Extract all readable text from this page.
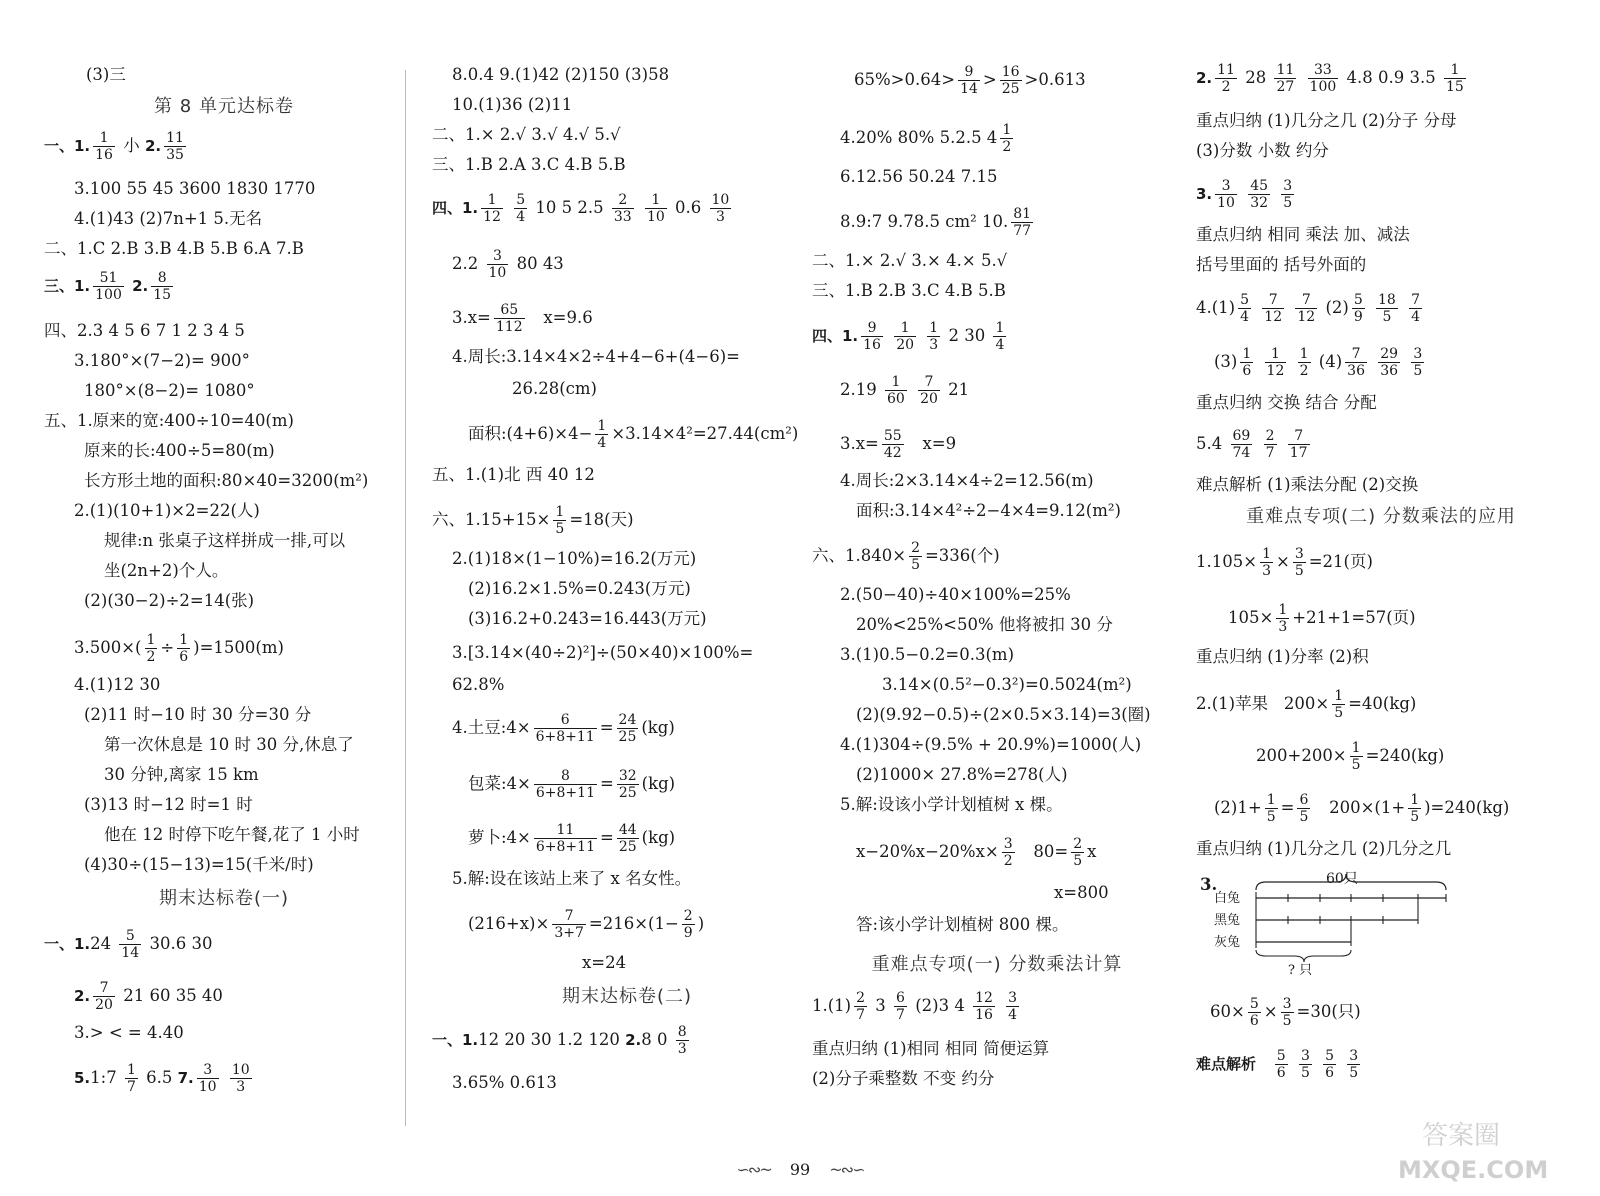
(3)三
第 8 单元达标卷
一、1. $\frac{1}{16}$ 小 2. $\frac{11}{35}$
3.100 55 45 3600 1830 1770
4.(1)43 (2)7n+1 5.无名
二、1.C 2.B 3.B 4.B 5.B 6.A 7.B
三、1. $\frac{51}{100} 2$. $\frac{8}{15}$
四、2.3 4 5 6 7 1 2 3 4 5
3.180°×(7−2)= 900°
180°×(8−2)= 1080°
五、1.原来的宽:400÷10=40(m)
原来的长:400÷5=80(m)
长方形土地的面积:80×40=3200(m²)
2.(1)(10+1)×2=22(人)
规律:n 张桌子这样拼成一排,可以
坐(2n+2)个人。
(2)(30−2)÷2=14(张)
$3.500\times( \frac{1}{2} \div \frac{1}{6} )=1500(m)$
4.(1)12 30
(2)11 时−10 时 30 分=30 分
第一次休息是 10 时 30 分,休息了
30 分钟,离家 15 km
(3)13 时−12 时=1 时
他在 12 时停下吃午餐,花了 1 小时
(4)30÷(15−13)=15(千米/时)
期末达标卷(一)
一、$1.24 \frac{5}{14} 30.6$ 30
2. $\frac{7}{20} 21$ 60 35 40
3.> < = 4.40
5.1:7 $\frac{1}{7} 6.5$ 7. $\frac{3}{10}$
$\frac{10}{3}$
8.0.4 9.(1)42 (2)150 (3)58
10.(1)36 (2)11
二、1.× 2.√ 3.√ 4.√ 5.√
三、1.B 2.A 3.C 4.B 5.B
四、1. $\frac{1}{12}$
$\frac{5}{4} 10$ 5 $2.5 \frac{2}{33}$
$\frac{1}{10} 0.6 \frac{10}{3}$
$2.2 \frac{3}{10} 80$ 43
$3.x= \frac{65}{112} x=9.6$
4.周长:3.14×4×2÷4+4−6+(4−6)=
26.28(cm)
面积:(4+6)×4− $\frac{1}{4} \times 3.14\times 4^2=27.44(cm^2)$
五、1.(1)北 西 40 12
六、$1.15+15\times \frac{1}{5} =18$(天)
2.(1)18×(1−10%)=16.2(万元)
(2)16.2×1.5%=0.243(万元)
(3)16.2+0.243=16.443(万元)
3.[3.14×(40÷2)²]÷(50×40)×100%=
62.8%
4.土豆:4× $\frac{6}{6+8+11} = \frac{24}{25} (kg)$
包菜:4× $\frac{8}{6+8+11} = \frac{32}{25} (kg)$
萝卜:4× $\frac{11}{6+8+11} = \frac{44}{25} (kg)$
5.解:设在该站上来了 x 名女性。
$(216+x)\times \frac{7}{3+7} =216\times(1- \frac{2}{9}$ )
x=24
期末达标卷(二)
一、1.12 20 30 1.2 120 2.8 $0 \frac{8}{3}$
3.65% 0.613
$65\%>0.64> \frac{9}{14} > \frac{16}{25} >0.613$
4.20% 80% 5.2.5 $4 \frac{1}{2}$
6.12.56 50.24 7.15
8.9:7 9.78.5 cm² 10. $\frac{81}{77}$
二、1.× 2.√ 3.× 4.× 5.√
三、1.B 2.B 3.C 4.B 5.B
四、1. $\frac{9}{16}$
$\frac{1}{20}$
$\frac{1}{3} 2$ $30 \frac{1}{4}$
$2.19 \frac{1}{60}$
$\frac{7}{20} 21$
$3.x= \frac{55}{42} x=9$
4.周长:2×3.14×4÷2=12.56(m)
面积:3.14×4²÷2−4×4=9.12(m²)
六、$1.840\times \frac{2}{5} =336$(个)
2.(50−40)÷40×100%=25%
20%<25%<50% 他将被扣 30 分
3.(1)0.5−0.2=0.3(m)
3.14×(0.5²−0.3²)=0.5024(m²)
(2)(9.92−0.5)÷(2×0.5×3.14)=3(圈)
4.(1)304÷(9.5% + 20.9%)=1000(人)
(2)1000× 27.8%=278(人)
5.解:设该小学计划植树 x 棵。
$x-20\%x-20\%x\times \frac{3}{2} 80= \frac{2}{5}$ x
x=800
答:该小学计划植树 800 棵。
重难点专项(一) 分数乘法计算
$1.(1) \frac{2}{7} 3 \frac{6}{7} (2)3$ $4 \frac{12}{16}$
$\frac{3}{4}$
重点归纳 (1)相同 相同 简便运算
(2)分子乘整数 不变 约分
2. $\frac{11}{2} 28 \frac{11}{27}$
$\frac{33}{100} 4.8$ 0.9 $3.5 \frac{1}{15}$
重点归纳 (1)几分之几 (2)分子 分母
(3)分数 小数 约分
3. $\frac{3}{10}$
$\frac{45}{32}$
$\frac{3}{5}$
重点归纳 相同 乘法 加、减法
括号里面的 括号外面的
$4.(1) \frac{5}{4}$
$\frac{7}{12}$
$\frac{7}{12} (2) \frac{5}{9}$
$\frac{18}{5}$
$\frac{7}{4}$
$(3) \frac{1}{6}$
$\frac{1}{12}$
$\frac{1}{2} (4) \frac{7}{36}$
$\frac{29}{36}$
$\frac{3}{5}$
重点归纳 交换 结合 分配
$5.4 \frac{69}{74}$
$\frac{2}{7}$
$\frac{7}{17}$
难点解析 (1)乘法分配 (2)交换
重难点专项(二) 分数乘法的应用
$1.105\times \frac{1}{3} \times \frac{3}{5} =21$(页)
$105\times \frac{1}{3} +21+1=57$(页)
重点归纳 (1)分率 (2)积
2.(1)苹果   $200\times \frac{1}{5} =40(kg)$
$200+200\times \frac{1}{5} =240(kg)$
$(2)1+ \frac{1}{5} = \frac{6}{5} 200\times(1+ \frac{1}{5} )=240(kg)$
重点归纳 (1)几分之几 (2)几分之几
3.	60只
白兔
黑兔
灰兔
? 只
$60\times \frac{5}{6} \times \frac{3}{5} =30$(只)
难点解析 $\frac{5}{6}$
$\frac{3}{5}$
$\frac{5}{6}$
$\frac{3}{5}$
∽∾~ 99 ~∾∽
答案圈
MXQE.COM
